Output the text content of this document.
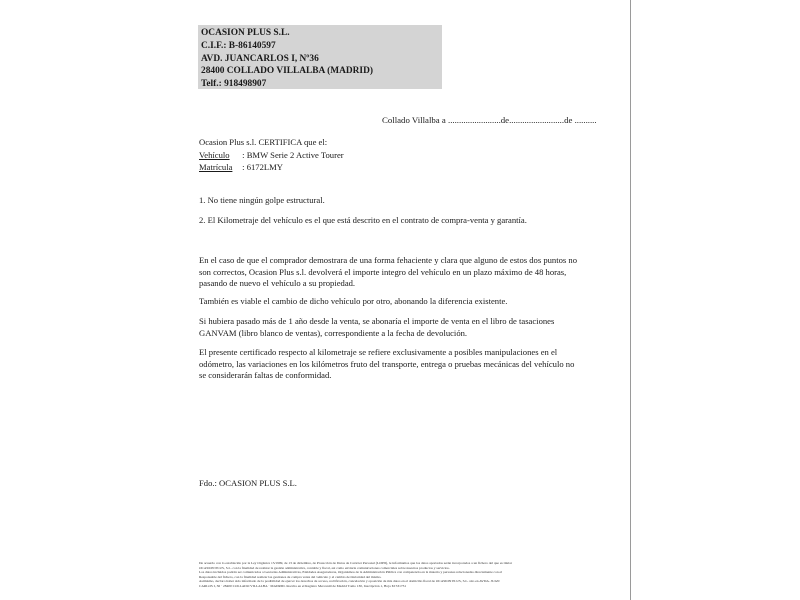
OCASION PLUS S.L.
C.I.F.: B-86140597
AVD. JUANCARLOS I, Nº36
28400 COLLADO VILLALBA (MADRID)
Telf.: 918498907
Collado Villalba a ........................de.........................de ..........
Ocasion Plus s.l. CERTIFICA que el:
Vehículo : BMW Serie 2 Active Tourer
Matrícula : 6172LMY
1. No tiene ningún golpe estructural.
2. El Kilometraje del vehículo es el que está descrito en el contrato de compra-venta y garantía.
En el caso de que el comprador demostrara de una forma fehaciente y clara que alguno de estos dos puntos no
son correctos, Ocasion Plus s.l. devolverá el importe integro del vehículo en un plazo máximo de 48 horas,
pasando de nuevo el vehículo a su propiedad.
También es viable el cambio de dicho vehículo por otro, abonando la diferencia existente.
Si hubiera pasado más de 1 año desde la venta, se abonaría el importe de venta en el libro de tasaciones
GANVAM (libro blanco de ventas), correspondiente a la fecha de devolución.
El presente certificado respecto al kilometraje se refiere exclusivamente a posibles manipulaciones en el
odómetro, las variaciones en los kilómetros fruto del transporte, entrega o pruebas mecánicas del vehículo no
se considerarán faltas de conformidad.
Fdo.: OCASION PLUS S.L.
De acuerdo con lo establecido por la Ley Orgánica 15/1999, de 13 de diciembre, de Protección de Datos de Carácter Personal (LOPD), le informamos que los datos aportados serán incorporados a un fichero del que es titular
OCASION PLUS, S.L. con la finalidad de realizar la gestión administrativa, contable y fiscal, así como enviarle comunicaciones comerciales sobre nuestros productos y servicios.
Los datos incluidos podrán ser comunicados a Gestorías Administrativas, Entidades Aseguradoras, Organismos de la Administración Pública con competencia en la materia y personas relacionadas directamente con el
Responsable del fichero, con la finalidad realizar las gestiones de compra venta del vehículo y el cambio de titularidad del mismo.
Asimismo, declaro haber sido informado de la posibilidad de ejercer los derechos de acceso, rectificación, cancelación y oposición de mis datos en el domicilio fiscal de OCASION PLUS, S.L. sito en AVDA. JUAN
CARLOS I, 36 · 28400 COLLADO VILLALBA · MADRID. Inscrita en el Registro Mercantil de Madrid Tomo 130, Inscripción 1, Hoja M 531731
